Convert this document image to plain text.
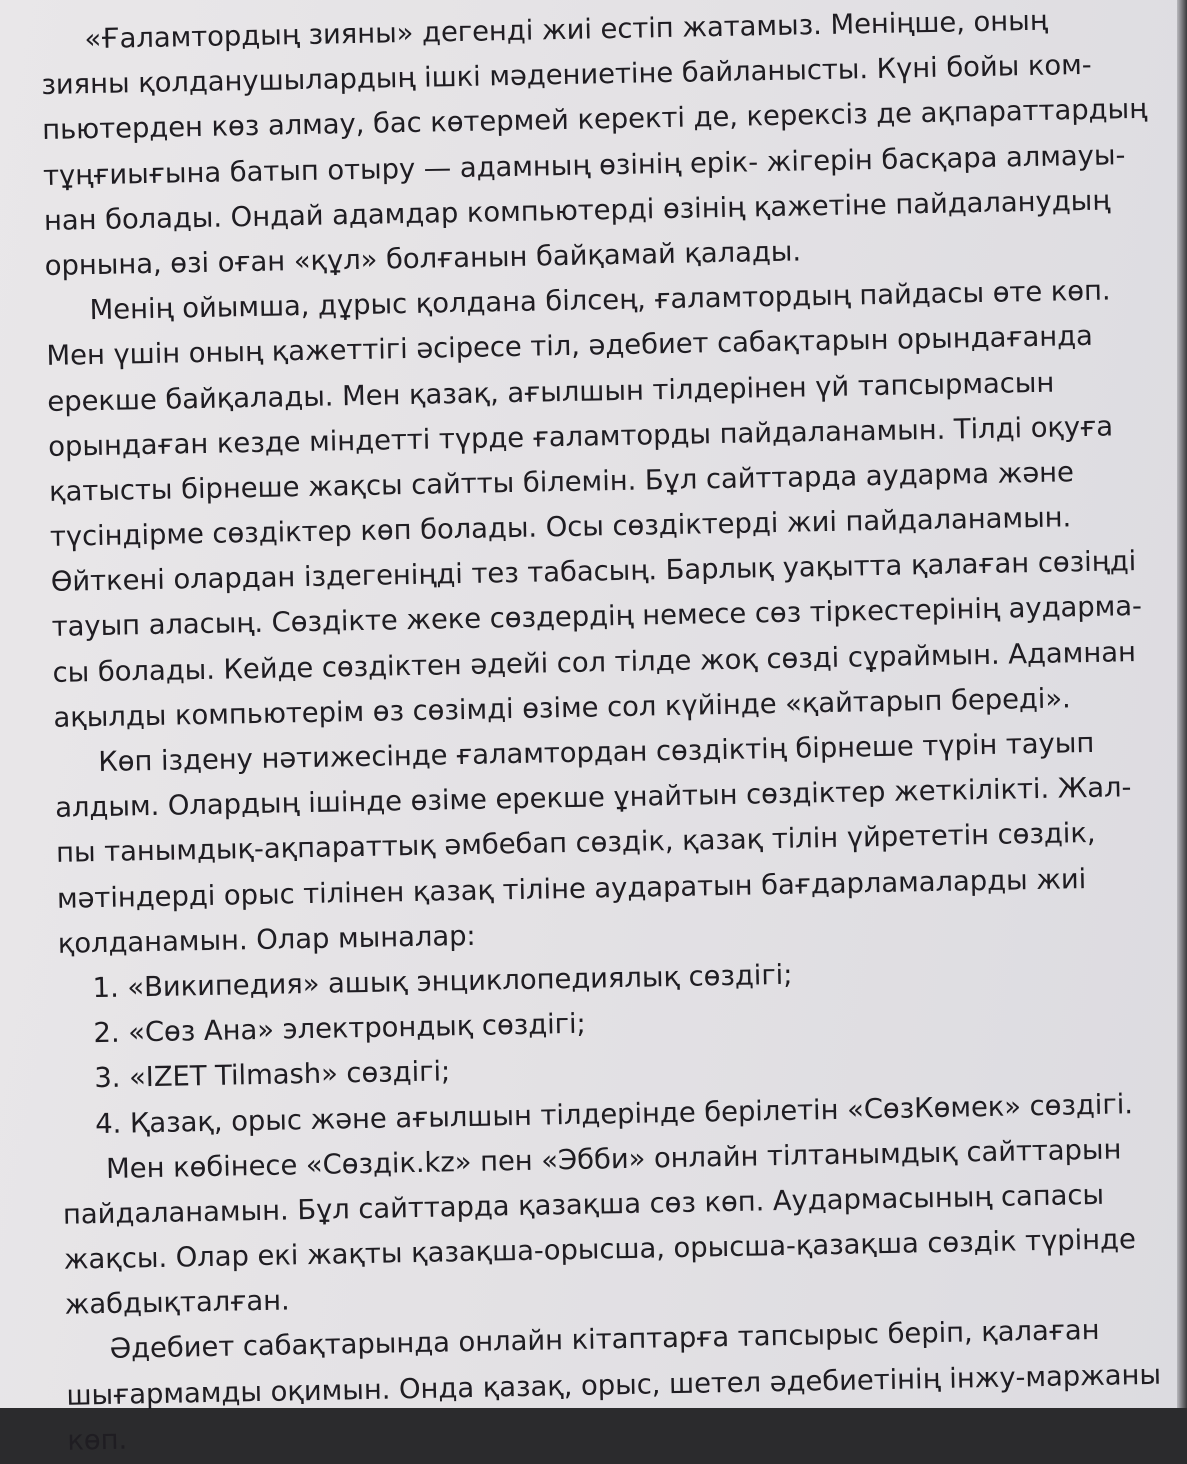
«Ғаламтордың зияны» дегенді жиі естіп жатамыз. Меніңше, оның
зияны қолданушылардың ішкі мәдениетіне байланысты. Күні бойы ком-
пьютерден көз алмау, бас көтермей керекті де, керексіз де ақпараттардың
тұңғиығына батып отыру — адамның өзінің ерік- жігерін басқара алмауы-
нан болады. Ондай адамдар компьютерді өзінің қажетіне пайдаланудың
орнына, өзі оған «құл» болғанын байқамай қалады.
Менің ойымша, дұрыс қолдана білсең, ғаламтордың пайдасы өте көп.
Мен үшін оның қажеттігі әсіресе тіл, әдебиет сабақтарын орындағанда
ерекше байқалады. Мен қазақ, ағылшын тілдерінен үй тапсырмасын
орындаған кезде міндетті түрде ғаламторды пайдаланамын. Тілді оқуға
қатысты бірнеше жақсы сайтты білемін. Бұл сайттарда аударма және
түсіндірме сөздіктер көп болады. Осы сөздіктерді жиі пайдаланамын.
Өйткені олардан іздегеніңді тез табасың. Барлық уақытта қалаған сөзіңді
тауып аласың. Сөздікте жеке сөздердің немесе сөз тіркестерінің аударма-
сы болады. Кейде сөздіктен әдейі сол тілде жоқ сөзді сұраймын. Адамнан
ақылды компьютерім өз сөзімді өзіме сол күйінде «қайтарып береді».
Көп іздену нәтижесінде ғаламтордан сөздіктің бірнеше түрін тауып
алдым. Олардың ішінде өзіме ерекше ұнайтын сөздіктер жеткілікті. Жал-
пы танымдық-ақпараттық әмбебап сөздік, қазақ тілін үйрететін сөздік,
мәтіндерді орыс тілінен қазақ тіліне аударатын бағдарламаларды жиі
қолданамын. Олар мыналар:
1. «Википедия» ашық энциклопедиялық сөздігі;
2. «Сөз Ана» электрондық сөздігі;
3. «IZET Tilmash» сөздігі;
4. Қазақ, орыс және ағылшын тілдерінде берілетін «СөзКөмек» сөздігі.
Мен көбінесе «Сөздік.kz» пен «Эбби» онлайн тілтанымдық сайттарын
пайдаланамын. Бұл сайттарда қазақша сөз көп. Аудармасының сапасы
жақсы. Олар екі жақты қазақша-орысша, орысша-қазақша сөздік түрінде
жабдықталған.
Әдебиет сабақтарында онлайн кітаптарға тапсырыс беріп, қалаған
шығармамды оқимын. Онда қазақ, орыс, шетел әдебиетінің інжу-маржаны
көп.
